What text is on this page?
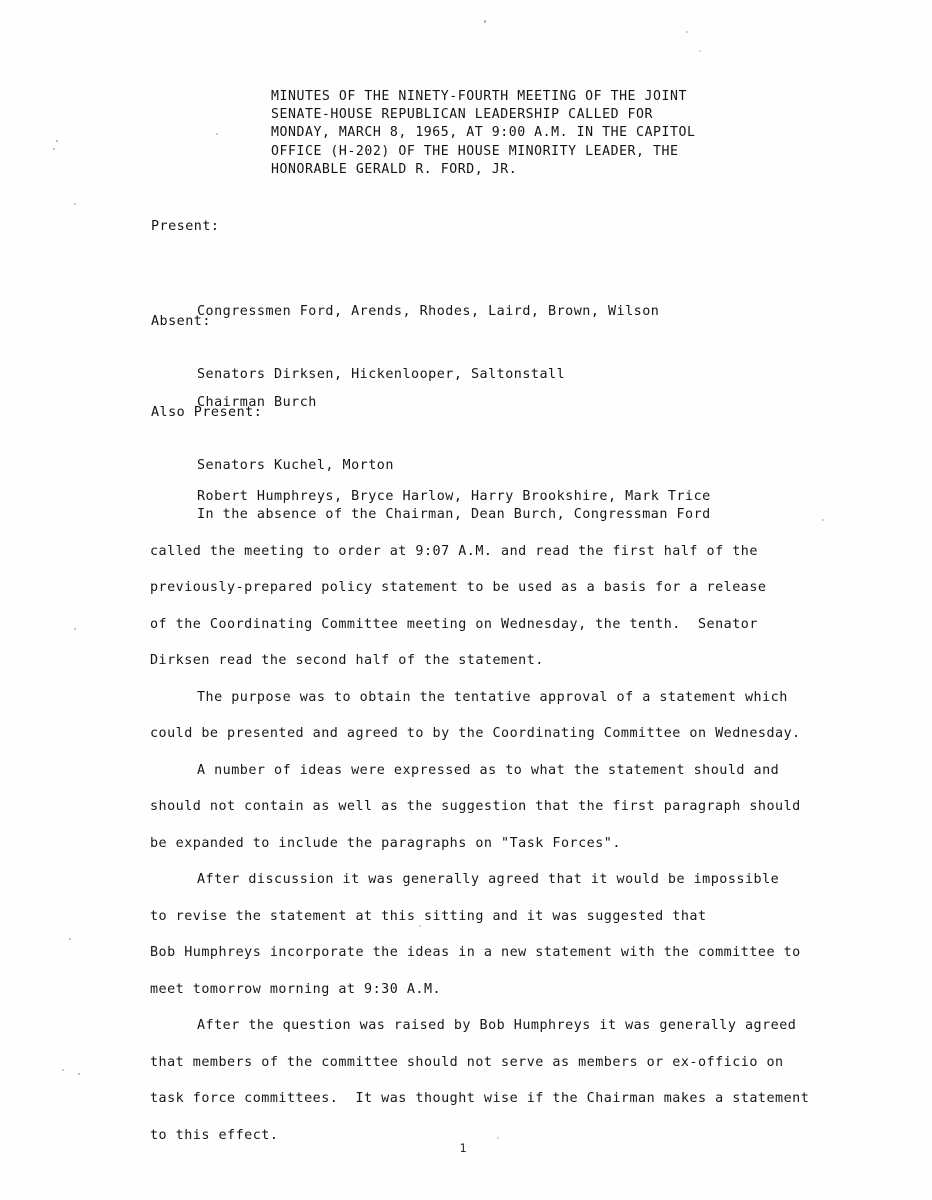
MINUTES OF THE NINETY-FOURTH MEETING OF THE JOINT
SENATE-HOUSE REPUBLICAN LEADERSHIP CALLED FOR
MONDAY, MARCH 8, 1965, AT 9:00 A.M. IN THE CAPITOL
OFFICE (H-202) OF THE HOUSE MINORITY LEADER, THE
HONORABLE GERALD R. FORD, JR.
Present:

Congressmen Ford, Arends, Rhodes, Laird, Brown, Wilson

Senators Dirksen, Hickenlooper, Saltonstall

Absent:

Chairman Burch

Senators Kuchel, Morton

Also Present:

Robert Humphreys, Bryce Harlow, Harry Brookshire, Mark Trice

In the absence of the Chairman, Dean Burch, Congressman Ford
called the meeting to order at 9:07 A.M. and read the first half of the
previously-prepared policy statement to be used as a basis for a release
of the Coordinating Committee meeting on Wednesday, the tenth.  Senator
Dirksen read the second half of the statement.
The purpose was to obtain the tentative approval of a statement which
could be presented and agreed to by the Coordinating Committee on Wednesday.
A number of ideas were expressed as to what the statement should and
should not contain as well as the suggestion that the first paragraph should
be expanded to include the paragraphs on "Task Forces".
After discussion it was generally agreed that it would be impossible
to revise the statement at this sitting and it was suggested that
Bob Humphreys incorporate the ideas in a new statement with the committee to
meet tomorrow morning at 9:30 A.M.
After the question was raised by Bob Humphreys it was generally agreed
that members of the committee should not serve as members or ex-officio on
task force committees.  It was thought wise if the Chairman makes a statement
to this effect.
1
